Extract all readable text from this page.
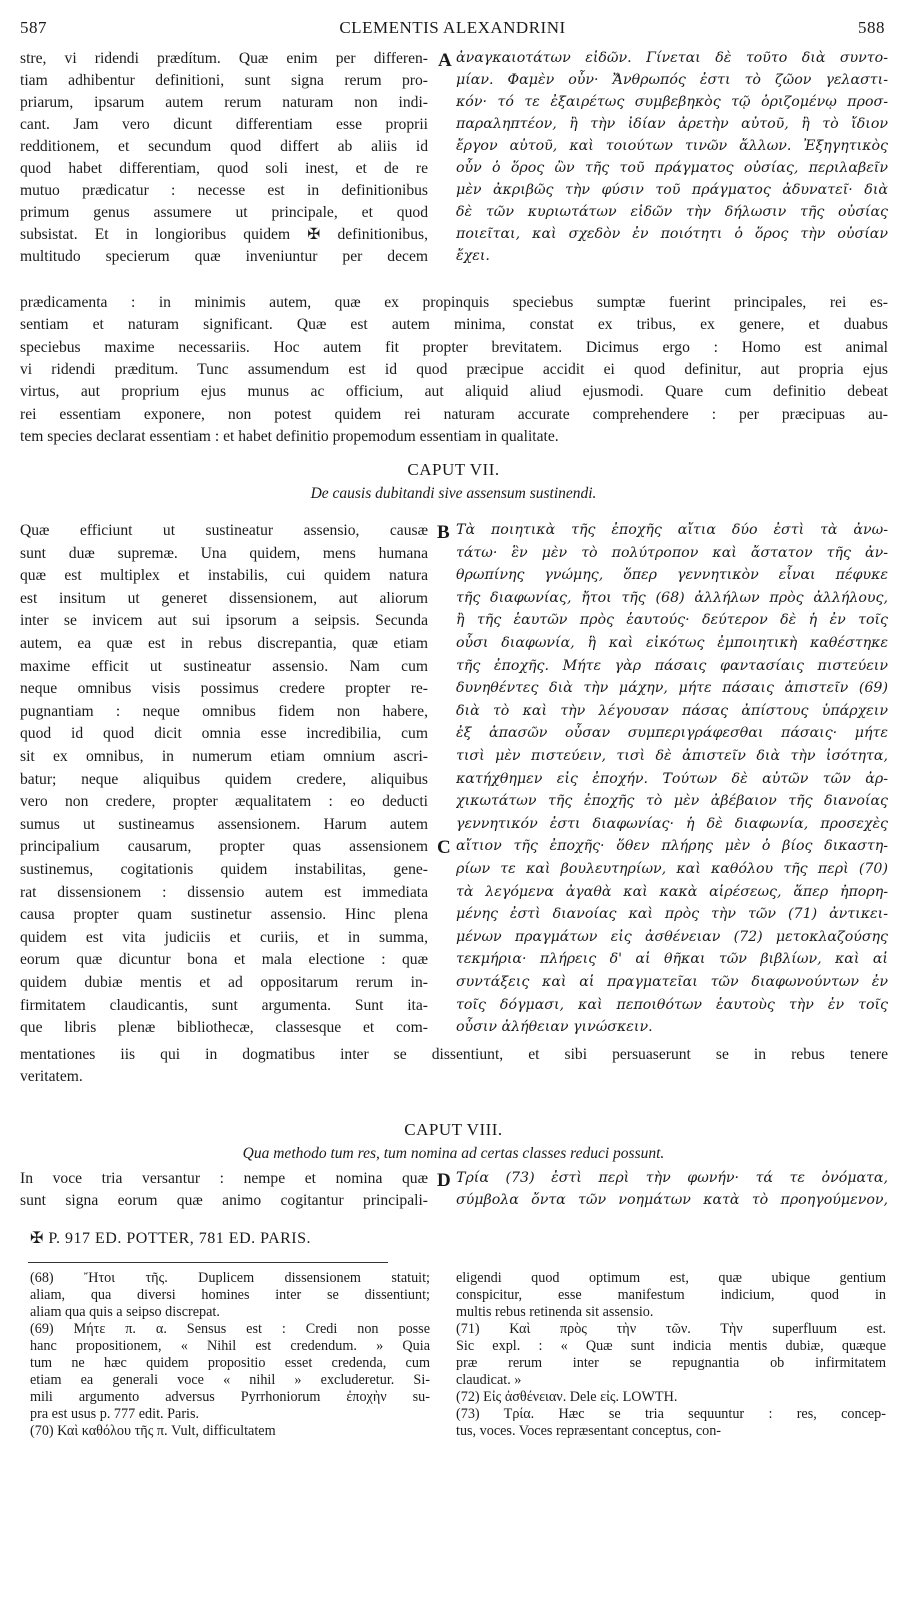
587	CLEMENTIS ALEXANDRINI	588
stre, vi ridendi prædítum. Quæ enim per differen-
tiam adhibentur definitioni, sunt signa rerum pro-
priarum, ipsarum autem rerum naturam non indi-
cant. Jam vero dicunt differentiam esse proprii
redditionem, et secundum quod differt ab aliis id
quod habet differentiam, quod soli inest, et de re
mutuo prædicatur : necesse est in definitionibus
primum genus assumere ut principale, et quod
subsistat. Et in longioribus quidem ✠ definitionibus,
multitudo specierum quæ inveniuntur per decem
ἀναγκαιοτάτων εἰδῶν. Γίνεται δὲ τοῦτο διὰ συντο-
μίαν. Φαμὲν οὖν· Ἄνθρωπός ἐστι τὸ ζῶον γελαστι-
κόν· τό τε ἐξαιρέτως συμβεβηκὸς τῷ ὁριζομένῳ προσ-
παραληπτέον, ἢ τὴν ἰδίαν ἀρετὴν αὐτοῦ, ἢ τὸ ἴδιον
ἔργον αὐτοῦ, καὶ τοιούτων τινῶν ἄλλων. Ἐξηγητικὸς
οὖν ὁ ὅρος ὢν τῆς τοῦ πράγματος οὐσίας, περιλαβεῖν
μὲν ἀκριβῶς τὴν φύσιν τοῦ πράγματος ἀδυνατεῖ· διὰ
δὲ τῶν κυριωτάτων εἰδῶν τὴν δήλωσιν τῆς οὐσίας
ποιεῖται, καὶ σχεδὸν ἐν ποιότητι ὁ ὅρος τὴν οὐσίαν
ἔχει.
prædicamenta : in minimis autem, quæ ex propinquis speciebus sumptæ fuerint principales, rei es-
sentiam et naturam significant. Quæ est autem minima, constat ex tribus, ex genere, et duabus
speciebus maxime necessariis. Hoc autem fit propter brevitatem. Dicimus ergo : Homo est animal
vi ridendi præditum. Tunc assumendum est id quod præcipue accidit ei quod definitur, aut propria ejus
virtus, aut proprium ejus munus ac officium, aut aliquid aliud ejusmodi. Quare cum definitio debeat
rei essentiam exponere, non potest quidem rei naturam accurate comprehendere : per præcipuas au-
tem species declarat essentiam : et habet definitio propemodum essentiam in qualitate.
Quæ efficiunt ut sustineatur assensio, causæ
sunt duæ supremæ. Una quidem, mens humana
quæ est multiplex et instabilis, cui quidem natura
est insitum ut generet dissensionem, aut aliorum
inter se invicem aut sui ipsorum a seipsis. Secunda
autem, ea quæ est in rebus discrepantia, quæ etiam
maxime efficit ut sustineatur assensio. Nam cum
neque omnibus visis possimus credere propter re-
pugnantiam : neque omnibus fidem non habere,
quod id quod dicit omnia esse incredibilia, cum
sit ex omnibus, in numerum etiam omnium ascri-
batur; neque aliquibus quidem credere, aliquibus
vero non credere, propter æqualitatem : eo deducti
sumus ut sustineamus assensionem. Harum autem
principalium causarum, propter quas assensionem
sustinemus, cogitationis quidem instabilitas, gene-
rat dissensionem : dissensio autem est immediata
causa propter quam sustinetur assensio. Hinc plena
quidem est vita judiciis et curiis, et in summa,
eorum quæ dicuntur bona et mala electione : quæ
quidem dubiæ mentis et ad oppositarum rerum in-
firmitatem claudicantis, sunt argumenta. Sunt ita-
que libris plenæ bibliothecæ, classesque et com-
Τὰ ποιητικὰ τῆς ἐποχῆς αἴτια δύο ἐστὶ τὰ ἀνω-
τάτω· ἓν μὲν τὸ πολύτροπον καὶ ἄστατον τῆς ἀν-
θρωπίνης γνώμης, ὅπερ γεννητικὸν εἶναι πέφυκε
τῆς διαφωνίας, ἤτοι τῆς (68) ἀλλήλων πρὸς ἀλλήλους,
ἢ τῆς ἑαυτῶν πρὸς ἑαυτούς· δεύτερον δὲ ἡ ἐν τοῖς
οὖσι διαφωνία, ἣ καὶ εἰκότως ἐμποιητικὴ καθέστηκε
τῆς ἐποχῆς. Μήτε γὰρ πάσαις φαντασίαις πιστεύειν
δυνηθέντες διὰ τὴν μάχην, μήτε πάσαις ἀπιστεῖν (69)
διὰ τὸ καὶ τὴν λέγουσαν πάσας ἀπίστους ὑπάρχειν
ἐξ ἁπασῶν οὖσαν συμπεριγράφεσθαι πάσαις· μήτε
τισὶ μὲν πιστεύειν, τισὶ δὲ ἀπιστεῖν διὰ τὴν ἰσότητα,
κατήχθημεν εἰς ἐποχήν. Τούτων δὲ αὐτῶν τῶν ἀρ-
χικωτάτων τῆς ἐποχῆς τὸ μὲν ἀβέβαιον τῆς διανοίας
γεννητικόν ἐστι διαφωνίας· ἡ δὲ διαφωνία, προσεχὲς
αἴτιον τῆς ἐποχῆς· ὅθεν πλήρης μὲν ὁ βίος δικαστη-
ρίων τε καὶ βουλευτηρίων, καὶ καθόλου τῆς περὶ (70)
τὰ λεγόμενα ἀγαθὰ καὶ κακὰ αἱρέσεως, ἅπερ ἠπορη-
μένης ἐστὶ διανοίας καὶ πρὸς τὴν τῶν (71) ἀντικει-
μένων πραγμάτων εἰς ἀσθένειαν (72) μετοκλαζούσης
τεκμήρια· πλήρεις δ' αἱ θῆκαι τῶν βιβλίων, καὶ αἱ
συντάξεις καὶ αἱ πραγματεῖαι τῶν διαφωνούντων ἐν
τοῖς δόγμασι, καὶ πεποιθότων ἑαυτοὺς τὴν ἐν τοῖς
οὖσιν ἀλήθειαν γινώσκειν.
mentationes iis qui in dogmatibus inter se dissentiunt, et sibi persuaserunt se in rebus tenere
veritatem.
In voce tria versantur : nempe et nomina quæ
sunt signa eorum quæ animo cogitantur principali-
Τρία (73) ἐστὶ περὶ τὴν φωνήν· τά τε ὀνόματα,
σύμβολα ὄντα τῶν νοημάτων κατὰ τὸ προηγούμενον,
CAPUT VII.
De causis dubitandi sive assensum sustinendi.
CAPUT VIII.
Qua methodo tum res, tum nomina ad certas classes reduci possunt.
A
B
C
D
✠ P. 917 ED. POTTER, 781 ED. PARIS.
(68) Ἤτοι τῆς. Duplicem dissensionem statuit;
aliam, qua diversi homines inter se dissentiunt;
aliam qua quis a seipso discrepat.
(69) Μήτε π. α. Sensus est : Credi non posse
hanc propositionem, « Nihil est credendum. » Quia
tum ne hæc quidem propositio esset credenda, cum
etiam ea generali voce « nihil » excluderetur. Si-
mili argumento adversus Pyrrhoniorum ἐποχὴν su-
pra est usus p. 777 edit. Paris.
(70) Καὶ καθόλου τῆς π. Vult, difficultatem
eligendi quod optimum est, quæ ubique gentium
conspicitur, esse manifestum indicium, quod in
multis rebus retinenda sit assensio.
(71) Καὶ πρὸς τὴν τῶν. Τὴν superfluum est.
Sic expl. : « Quæ sunt indicia mentis dubiæ, quæque
præ rerum inter se repugnantia ob infirmitatem
claudicat. »
(72) Εἰς ἀσθένειαν. Dele εἰς. LOWTH.
(73) Τρία. Hæc se tria sequuntur : res, concep-
tus, voces. Voces repræsentant conceptus, con-
